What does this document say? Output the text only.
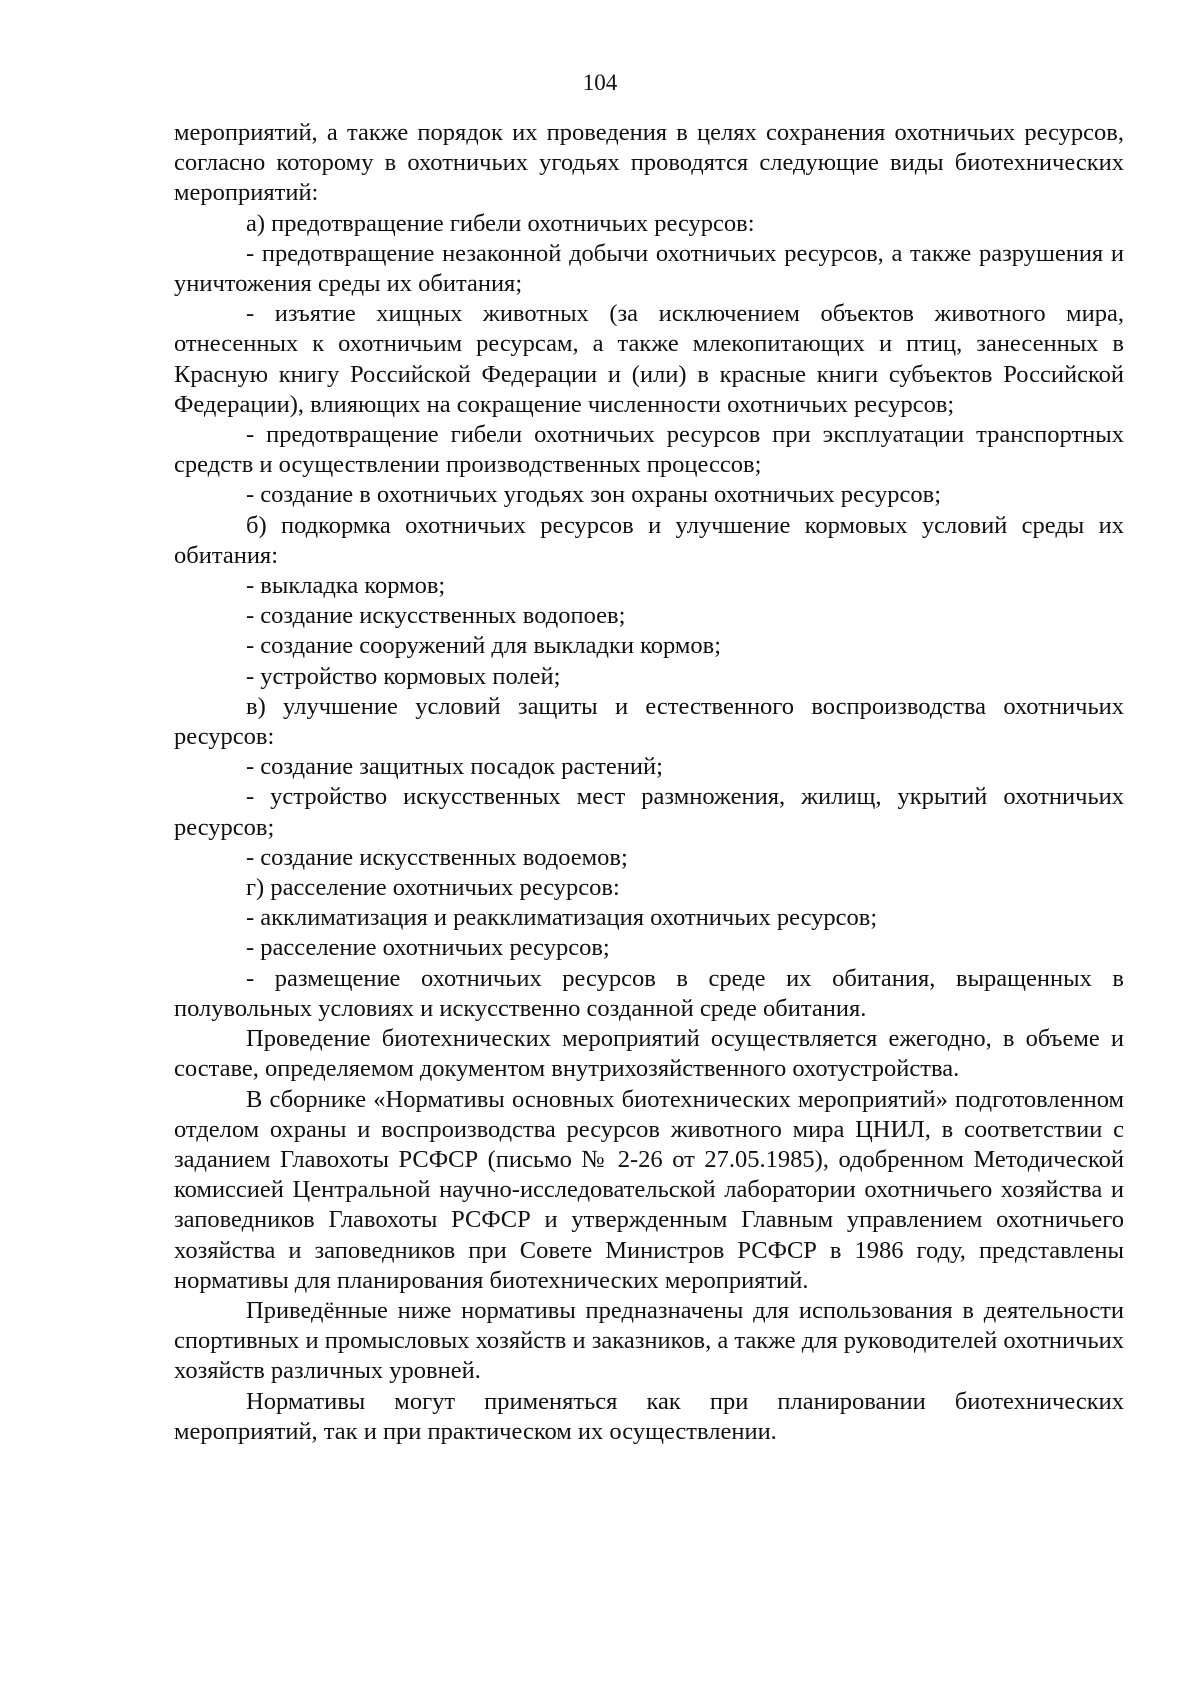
104

мероприятий, а также порядок их проведения в целях сохранения охотничьих ресурсов, согласно которому в охотничьих угодьях проводятся следующие виды биотехнических мероприятий:

а) предотвращение гибели охотничьих ресурсов:

- предотвращение незаконной добычи охотничьих ресурсов, а также разрушения и уничтожения среды их обитания;

- изъятие хищных животных (за исключением объектов животного мира, отнесенных к охотничьим ресурсам, а также млекопитающих и птиц, занесенных в Красную книгу Российской Федерации и (или) в красные книги субъектов Российской Федерации), влияющих на сокращение численности охотничьих ресурсов;

- предотвращение гибели охотничьих ресурсов при эксплуатации транспортных средств и осуществлении производственных процессов;

- создание в охотничьих угодьях зон охраны охотничьих ресурсов;

б) подкормка охотничьих ресурсов и улучшение кормовых условий среды их обитания:

- выкладка кормов;

- создание искусственных водопоев;

- создание сооружений для выкладки кормов;

- устройство кормовых полей;

в) улучшение условий защиты и естественного воспроизводства охотничьих ресурсов:

- создание защитных посадок растений;

- устройство искусственных мест размножения, жилищ, укрытий охотничьих ресурсов;

- создание искусственных водоемов;

г) расселение охотничьих ресурсов:

- акклиматизация и реакклиматизация охотничьих ресурсов;

- расселение охотничьих ресурсов;

- размещение охотничьих ресурсов в среде их обитания, выращенных в полувольных условиях и искусственно созданной среде обитания.

Проведение биотехнических мероприятий осуществляется ежегодно, в объеме и составе, определяемом документом внутрихозяйственного охотустройства.

В сборнике «Нормативы основных биотехнических мероприятий» подготовленном отделом охраны и воспроизводства ресурсов животного мира ЦНИЛ, в соответствии с заданием Главохоты РСФСР (письмо № 2-26 от 27.05.1985), одобренном Методической комиссией Центральной научно-исследовательской лаборатории охотничьего хозяйства и заповедников Главохоты РСФСР и утвержденным Главным управлением охотничьего хозяйства и заповедников при Совете Министров РСФСР в 1986 году, представлены нормативы для планирования биотехнических мероприятий.

Приведённые ниже нормативы предназначены для использования в деятельности спортивных и промысловых хозяйств и заказников, а также для руководителей охотничьих хозяйств различных уровней.

Нормативы могут применяться как при планировании биотехнических мероприятий, так и при практическом их осуществлении.
